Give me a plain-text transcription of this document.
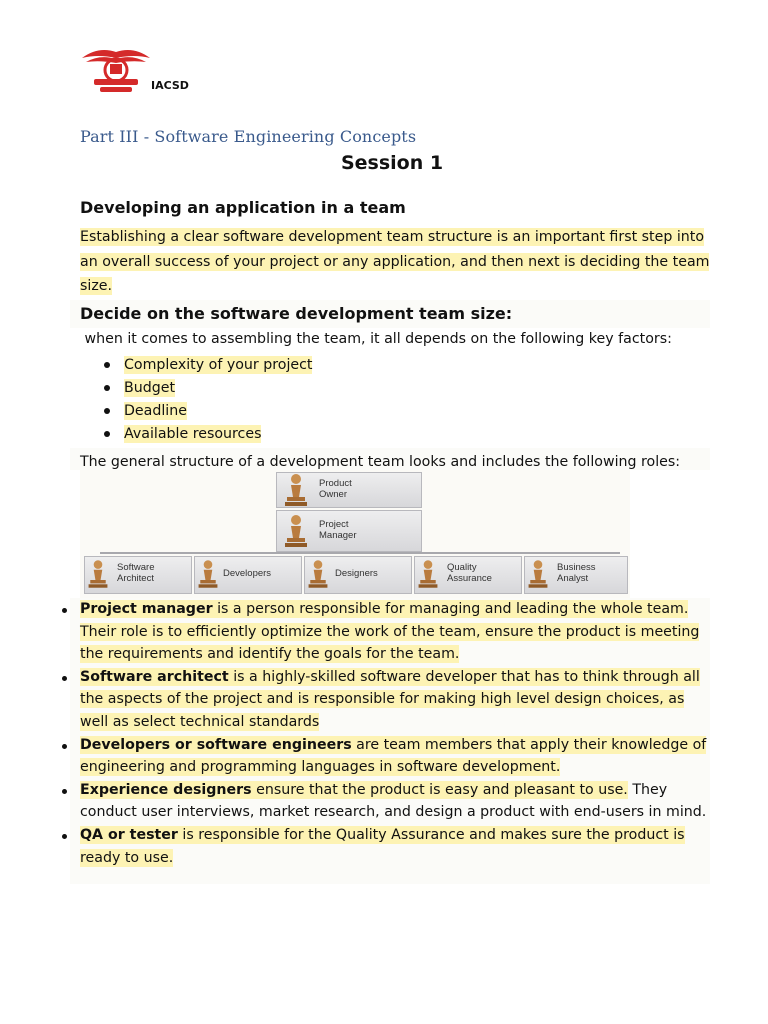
IACSD
Part III - Software Engineering Concepts
Session 1
Developing an application in a team
Establishing a clear software development team structure is an important first step into
an overall success of your project or any application, and then next is deciding the team
size.
Decide on the software development team size:
when it comes to assembling the team, it all depends on the following key factors:
Complexity of your project
Budget
Deadline
Available resources
The general structure of a development team looks and includes the following roles:
Product
Owner
Project
Manager
Software
Architect	Developers	Designers
Quality
Assurance
Business
Analyst
Project manager is a person responsible for managing and leading the whole team. Their role is to efficiently optimize the work of the team, ensure the product is meeting the requirements and identify the goals for the team.
Software architect is a highly-skilled software developer that has to think through all the aspects of the project and is responsible for making high level design choices, as well as select technical standards
Developers or software engineers are team members that apply their knowledge of engineering and programming languages in software development.
Experience designers ensure that the product is easy and pleasant to use. They conduct user interviews, market research, and design a product with end-users in mind.
QA or tester is responsible for the Quality Assurance and makes sure the product is ready to use.
